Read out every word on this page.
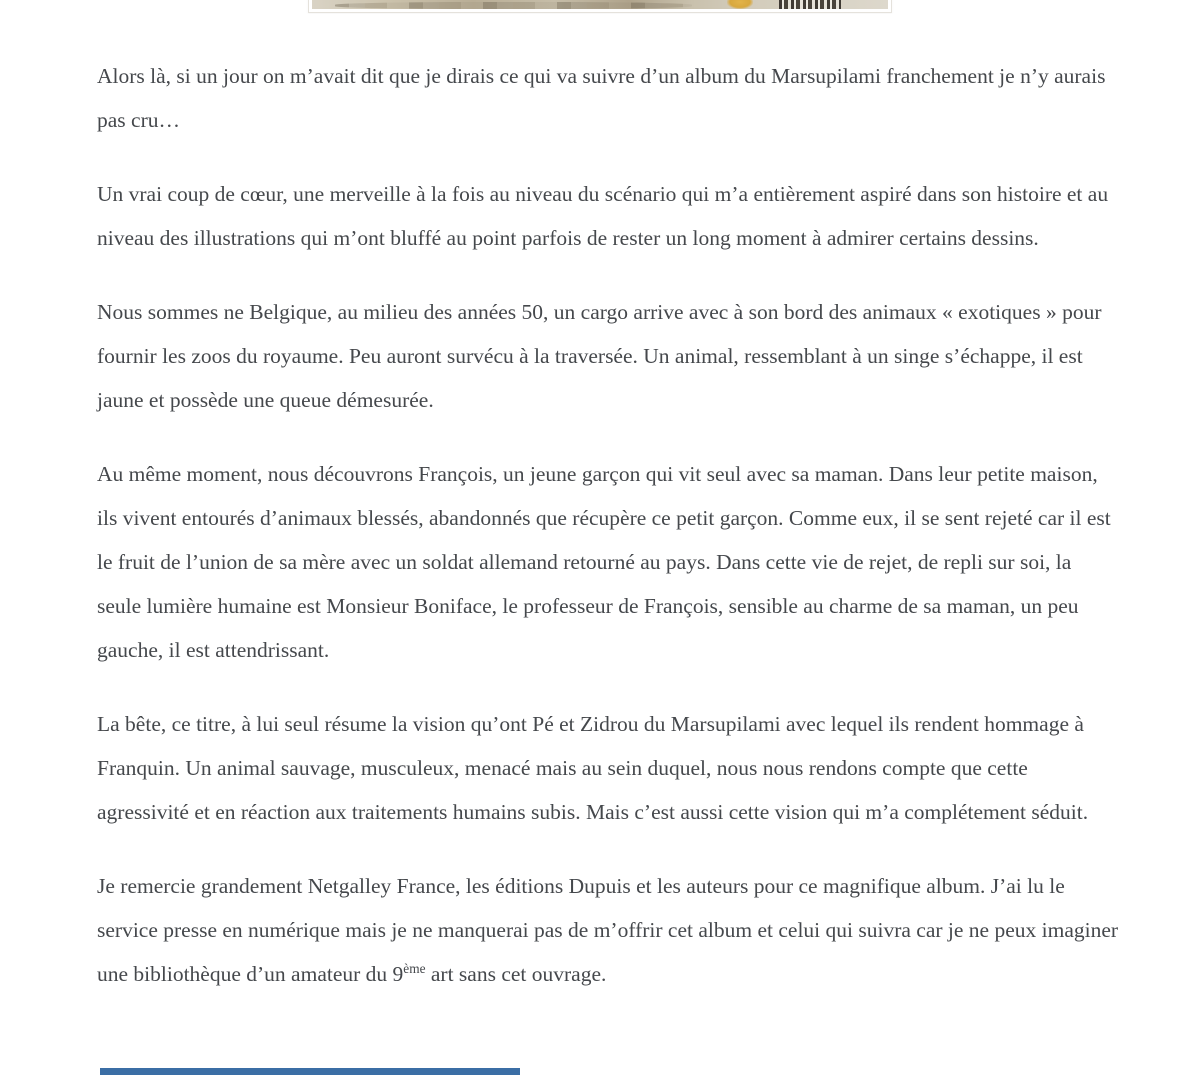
Alors là, si un jour on m’avait dit que je dirais ce qui va suivre d’un album du Marsupilami franchement je n’y aurais pas cru…

Un vrai coup de cœur, une merveille à la fois au niveau du scénario qui m’a entièrement aspiré dans son histoire et au niveau des illustrations qui m’ont bluffé au point parfois de rester un long moment à admirer certains dessins.

Nous sommes ne Belgique, au milieu des années 50, un cargo arrive avec à son bord des animaux « exotiques » pour fournir les zoos du royaume. Peu auront survécu à la traversée. Un animal, ressemblant à un singe s’échappe, il est jaune et possède une queue démesurée.

Au même moment, nous découvrons François, un jeune garçon qui vit seul avec sa maman. Dans leur petite maison, ils vivent entourés d’animaux blessés, abandonnés que récupère ce petit garçon. Comme eux, il se sent rejeté car il est le fruit de l’union de sa mère avec un soldat allemand retourné au pays. Dans cette vie de rejet, de repli sur soi, la seule lumière humaine est Monsieur Boniface, le professeur de François, sensible au charme de sa maman, un peu gauche, il est attendrissant.

La bête, ce titre, à lui seul résume la vision qu’ont Pé et Zidrou du Marsupilami avec lequel ils rendent hommage à Franquin. Un animal sauvage, musculeux, menacé mais au sein duquel, nous nous rendons compte que cette agressivité et en réaction aux traitements humains subis. Mais c’est aussi cette vision qui m’a complétement séduit.

Je remercie grandement Netgalley France, les éditions Dupuis et les auteurs pour ce magnifique album. J’ai lu le service presse en numérique mais je ne manquerai pas de m’offrir cet album et celui qui suivra car je ne peux imaginer une bibliothèque d’un amateur du 9ème art sans cet ouvrage.
